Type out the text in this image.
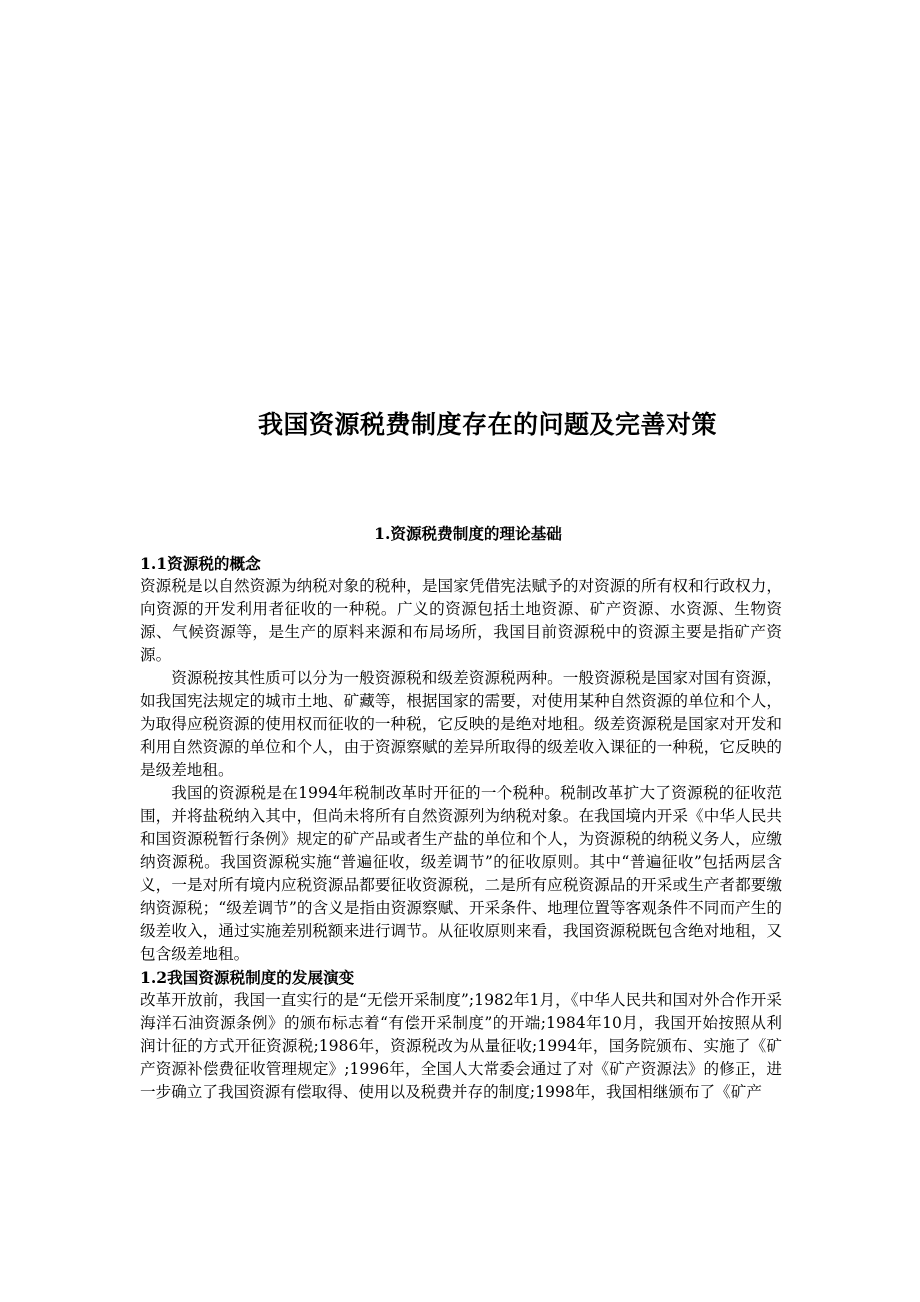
我国资源税费制度存在的问题及完善对策
1.资源税费制度的理论基础
1.1资源税的概念

资源税是以自然资源为纳税对象的税种，是国家凭借宪法赋予的对资源的所有权和行政权力，向资源的开发利用者征收的一种税。广义的资源包括土地资源、矿产资源、水资源、生物资源、气候资源等，是生产的原料来源和布局场所，我国目前资源税中的资源主要是指矿产资源。

资源税按其性质可以分为一般资源税和级差资源税两种。一般资源税是国家对国有资源，如我国宪法规定的城市土地、矿藏等，根据国家的需要，对使用某种自然资源的单位和个人，为取得应税资源的使用权而征收的一种税，它反映的是绝对地租。级差资源税是国家对开发和利用自然资源的单位和个人，由于资源察赋的差异所取得的级差收入课征的一种税，它反映的是级差地租。

我国的资源税是在1994年税制改革时开征的一个税种。税制改革扩大了资源税的征收范围，并将盐税纳入其中，但尚未将所有自然资源列为纳税对象。在我国境内开采《中华人民共和国资源税暂行条例》规定的矿产品或者生产盐的单位和个人，为资源税的纳税义务人，应缴纳资源税。我国资源税实施“普遍征收，级差调节”的征收原则。其中“普遍征收”包括两层含义，一是对所有境内应税资源品都要征收资源税，二是所有应税资源品的开采或生产者都要缴纳资源税；“级差调节”的含义是指由资源察赋、开采条件、地理位置等客观条件不同而产生的级差收入，通过实施差别税额来进行调节。从征收原则来看，我国资源税既包含绝对地租，又包含级差地租。

1.2我国资源税制度的发展演变

改革开放前，我国一直实行的是“无偿开采制度”;1982年1月，《中华人民共和国对外合作开采海洋石油资源条例》的颁布标志着“有偿开采制度”的开端;1984年10月，我国开始按照从利润计征的方式开征资源税;1986年，资源税改为从量征收;1994年，国务院颁布、实施了《矿产资源补偿费征收管理规定》;1996年，全国人大常委会通过了对《矿产资源法》的修正，进一步确立了我国资源有偿取得、使用以及税费并存的制度;1998年，我国相继颁布了《矿产
